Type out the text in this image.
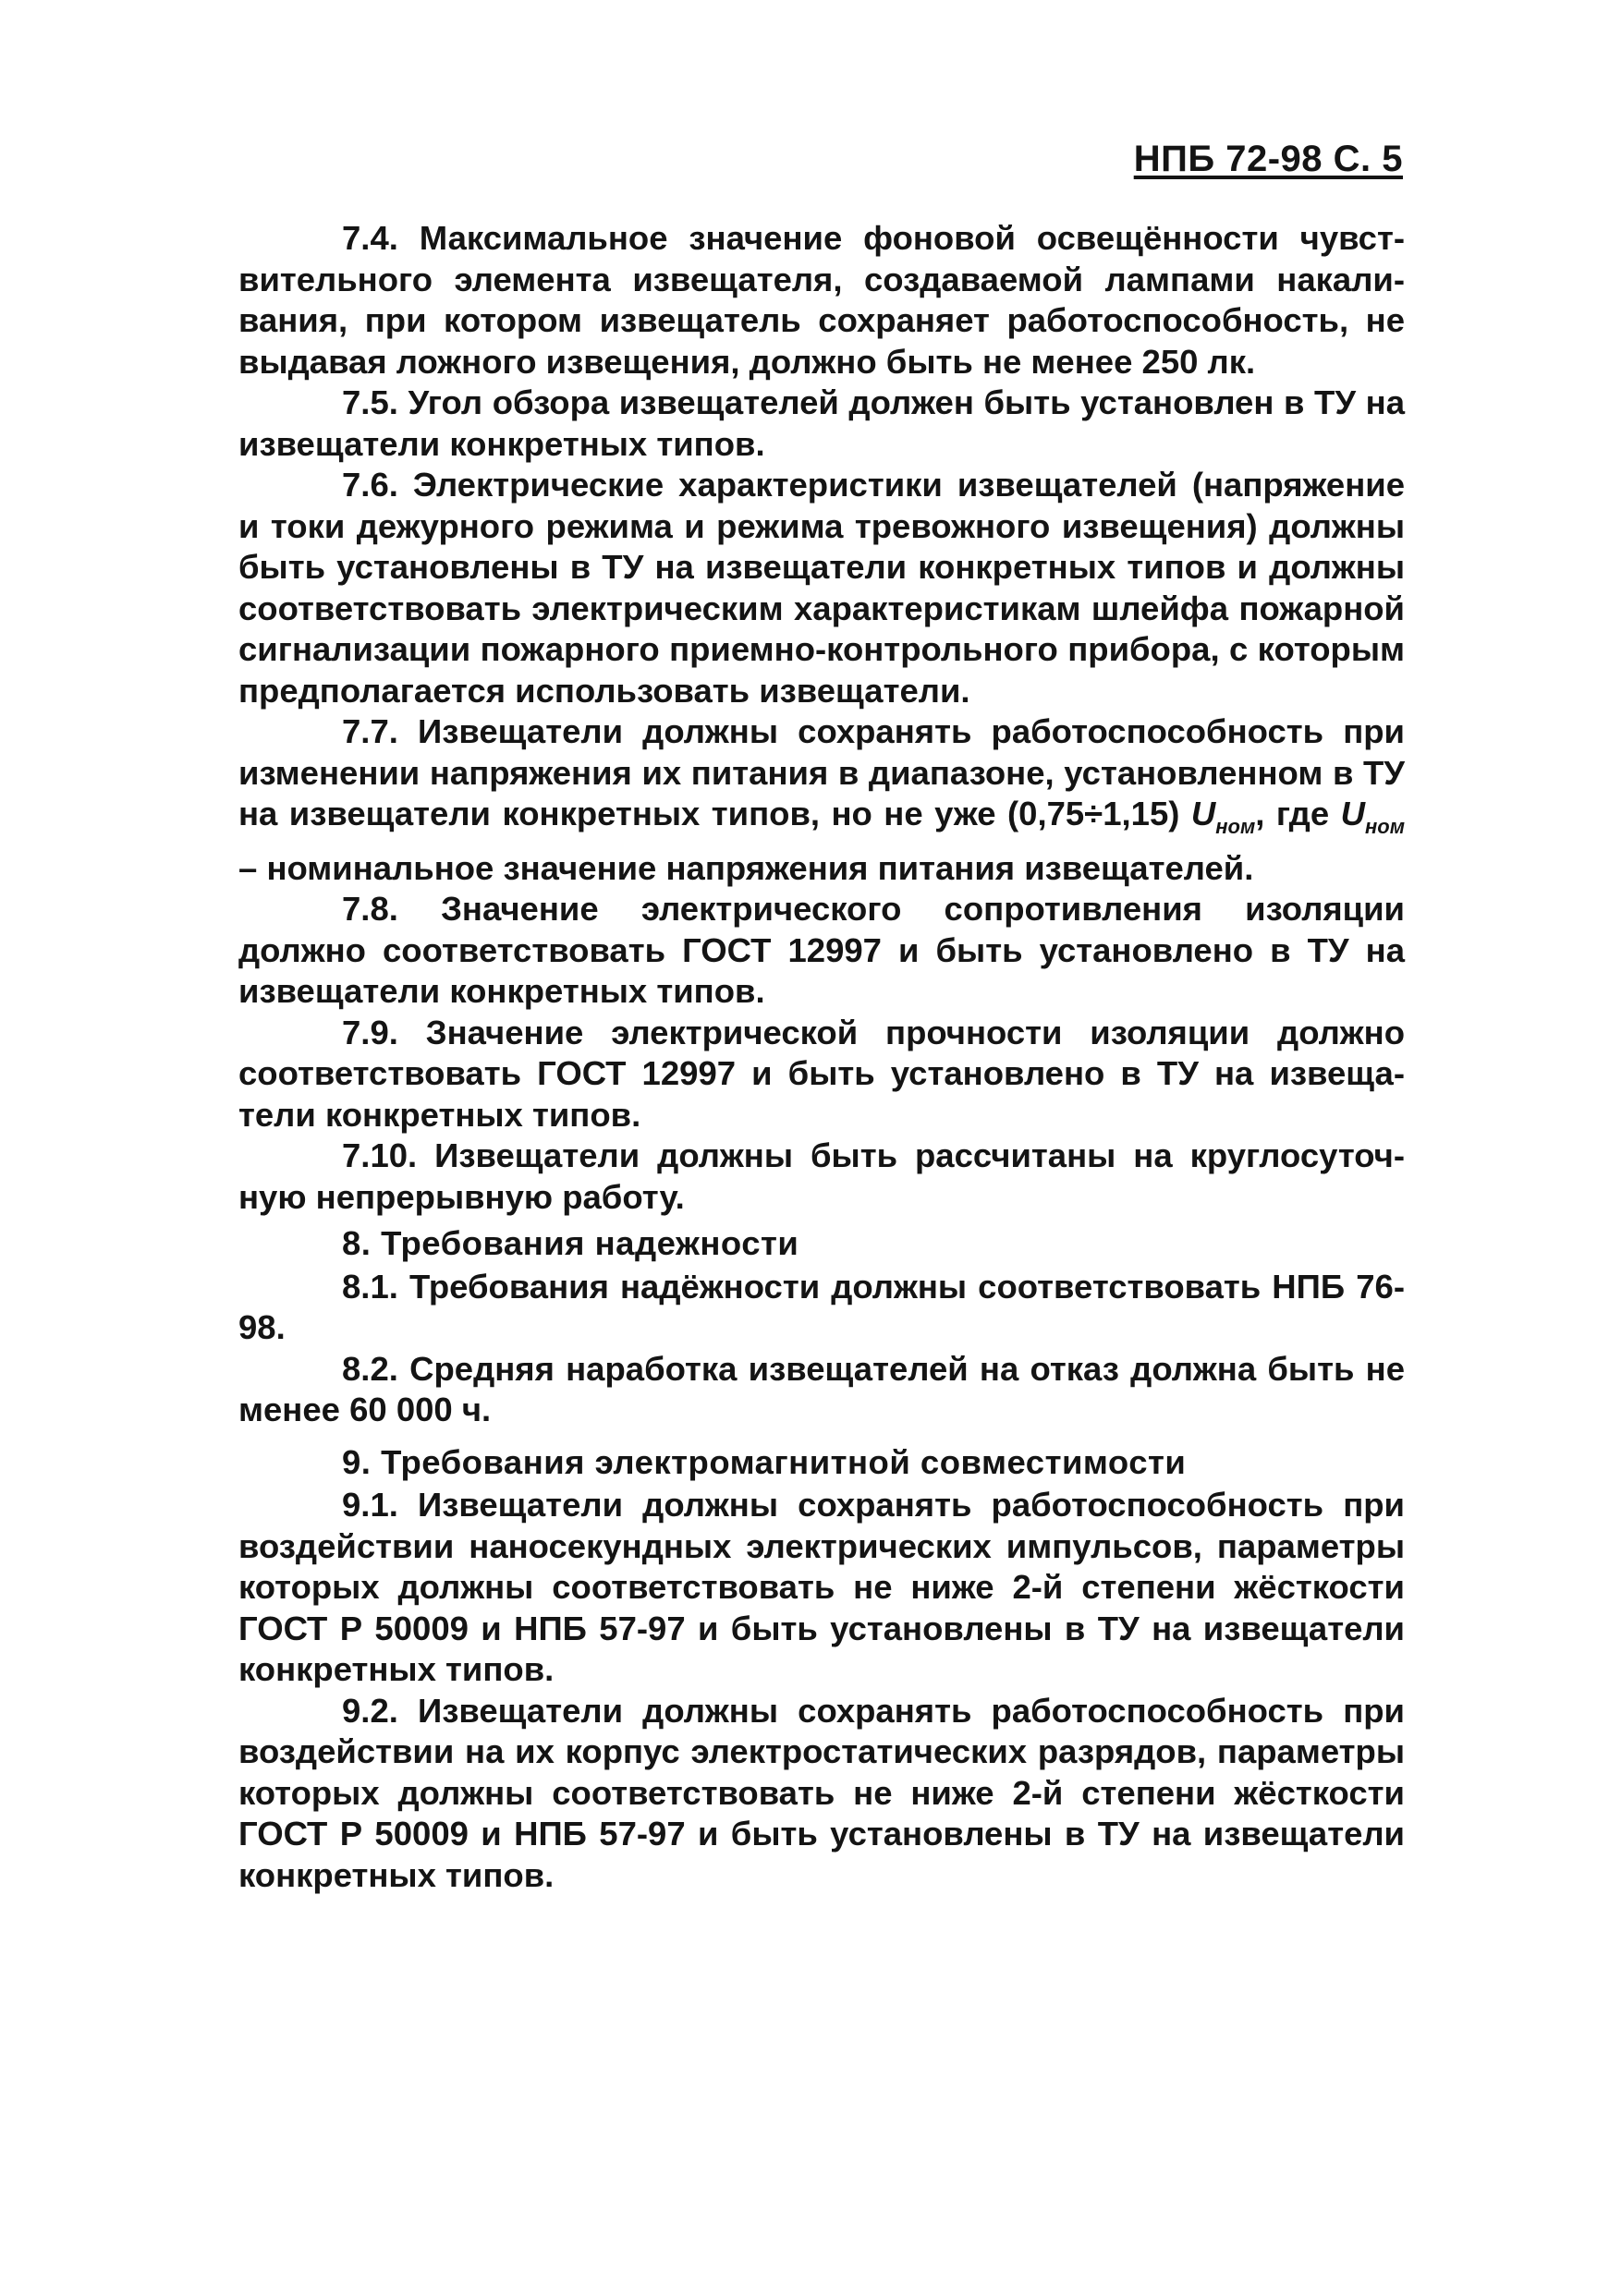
НПБ 72-98 С. 5

7.4. Максимальное значение фоновой освещённости чувствительного элемента извещателя, создаваемой лампами накаливания, при котором извещатель сохраняет работоспособность, не выдавая ложного извещения, должно быть не менее 250 лк.

7.5. Угол обзора извещателей должен быть установлен в ТУ на извещатели конкретных типов.

7.6. Электрические характеристики извещателей (напряжение и токи дежурного режима и режима тревожного извещения) должны быть установлены в ТУ на извещатели конкретных типов и должны соответствовать электрическим характеристикам шлейфа пожарной сигнализации пожарного приемно-контрольного прибора, с которым предполагается использовать извещатели.

7.7. Извещатели должны сохранять работоспособность при изменении напряжения их питания в диапазоне, установленном в ТУ на извещатели конкретных типов, но не уже (0,75÷1,15) $U_{ном}$, где $U_{ном}$ – номинальное значение напряжения питания извещателей.

7.8. Значение электрического сопротивления изоляции должно соответствовать ГОСТ 12997 и быть установлено в ТУ на извещатели конкретных типов.

7.9. Значение электрической прочности изоляции должно соответствовать ГОСТ 12997 и быть установлено в ТУ на извещатели конкретных типов.

7.10. Извещатели должны быть рассчитаны на круглосуточную непрерывную работу.

8. Требования надежности

8.1. Требования надёжности должны соответствовать НПБ 76-98.

8.2. Средняя наработка извещателей на отказ должна быть не менее 60 000 ч.

9. Требования электромагнитной совместимости

9.1. Извещатели должны сохранять работоспособность при воздействии наносекундных электрических импульсов, параметры которых должны соответствовать не ниже 2-й степени жёсткости ГОСТ Р 50009 и НПБ 57-97 и быть установлены в ТУ на извещатели конкретных типов.

9.2. Извещатели должны сохранять работоспособность при воздействии на их корпус электростатических разрядов, параметры которых должны соответствовать не ниже 2-й степени жёсткости ГОСТ Р 50009 и НПБ 57-97 и быть установлены в ТУ на извещатели конкретных типов.
